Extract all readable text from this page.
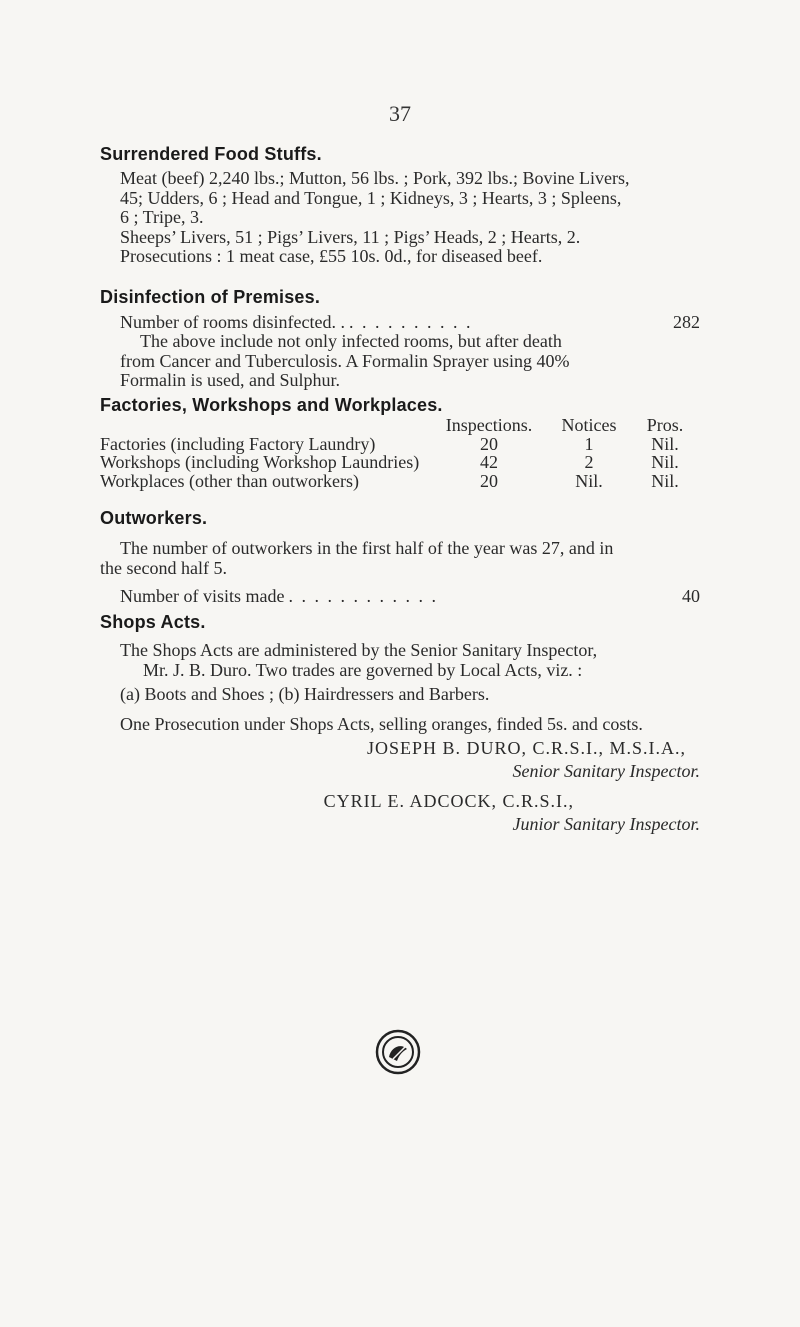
37
Surrendered Food Stuffs.

Meat (beef) 2,240 lbs.; Mutton, 56 lbs. ; Pork, 392 lbs.; Bovine Livers,

45; Udders, 6 ; Head and Tongue, 1 ; Kidneys, 3 ; Hearts, 3 ; Spleens,

6 ; Tripe, 3.

Sheeps’ Livers, 51 ; Pigs’ Livers, 11 ; Pigs’ Heads, 2 ; Hearts, 2.

Prosecutions : 1 meat case, £55 10s. 0d., for diseased beef.

Disinfection of Premises.
Number of rooms disinfected. . . . . . . . . . . .	282

The above include not only infected rooms, but after death

from Cancer and Tuberculosis. A Formalin Sprayer using 40%

Formalin is used, and Sulphur.

Factories, Workshops and Workplaces.
	Inspections.	Notices	Pros.
Factories (including Factory Laundry)	20	1	Nil.
Workshops (including Workshop Laundries)	42	2	Nil.
Workplaces (other than outworkers)	20	Nil.	Nil.
Outworkers.

The number of outworkers in the first half of the year was 27, and in

the second half 5.

Number of visits made . . . . . . . . . . . .	40
Shops Acts.

The Shops Acts are administered by the Senior Sanitary Inspector,

Mr. J. B. Duro. Two trades are governed by Local Acts, viz. :

(a) Boots and Shoes ; (b) Hairdressers and Barbers.

One Prosecution under Shops Acts, selling oranges, finded 5s. and costs.

JOSEPH B. DURO, C.R.S.I., M.S.I.A.,
Senior Sanitary Inspector.
CYRIL E. ADCOCK, C.R.S.I.,
Junior Sanitary Inspector.
